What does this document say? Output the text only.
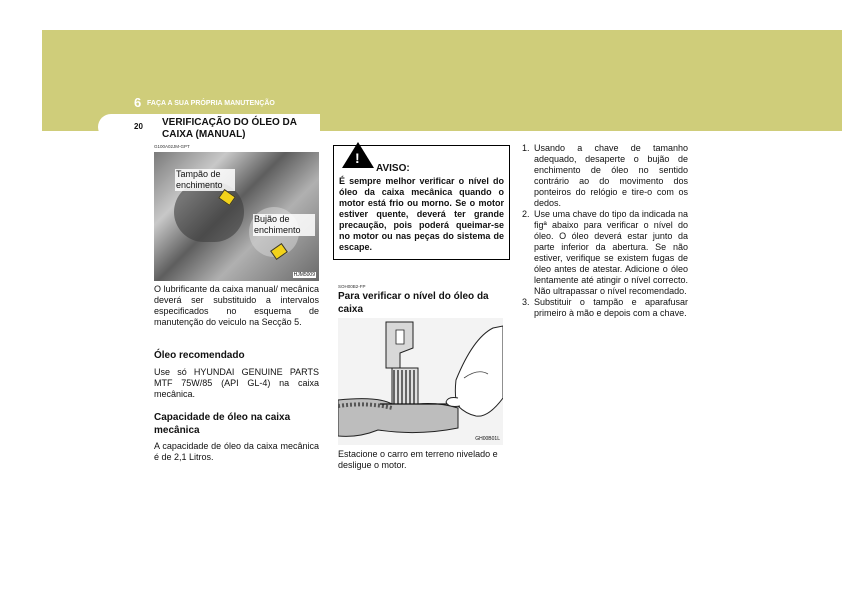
6 FAÇA A SUA PRÓPRIA MANUTENÇÃO
20 VERIFICAÇÃO DO ÓLEO DA CAIXA (MANUAL)
G100A02JM-GPT
Tampão de enchimento
Bujão de enchimento
HJM5009
O lubrificante da caixa manual/ mecânica deverá ser substituido a intervalos especificados no esquema de manutenção do veiculo na Secção 5.
Óleo recomendado
Use só HYUNDAI GENUINE PARTS MTF 75W/85 (API GL-4) na caixa mecânica.
Capacidade de óleo na caixa mecânica
A capacidade de óleo da caixa mecânica é de 2,1 Litros.
!
AVISO:
É sempre melhor verificar o nível do óleo da caixa mecânica quando o motor está frio ou morno. Se o motor estiver quente, deverá ter grande precaução, pois poderá queimar-se no motor ou nas peças do sistema de escape.
SOH00B2-FP
Para verificar o nível do óleo da caixa
GH00B01L
Estacione o carro em terreno nivelado e desligue o motor.
1. Usando a chave de tamanho adequado, desaperte o bujão de enchimento de óleo no sentido contrário ao do movimento dos ponteiros do relógio e tire-o com os dedos.
2. Use uma chave do tipo da indicada na figª abaixo para verificar o nível do óleo. O óleo deverá estar junto da parte inferior da abertura. Se não estiver, verifique se existem fugas de óleo antes de atestar. Adicione o óleo lentamente até atingir o nível correcto. Não ultrapassar o nível recomendado.
3. Substituir o tampão e aparafusar primeiro à mão e depois com a chave.
